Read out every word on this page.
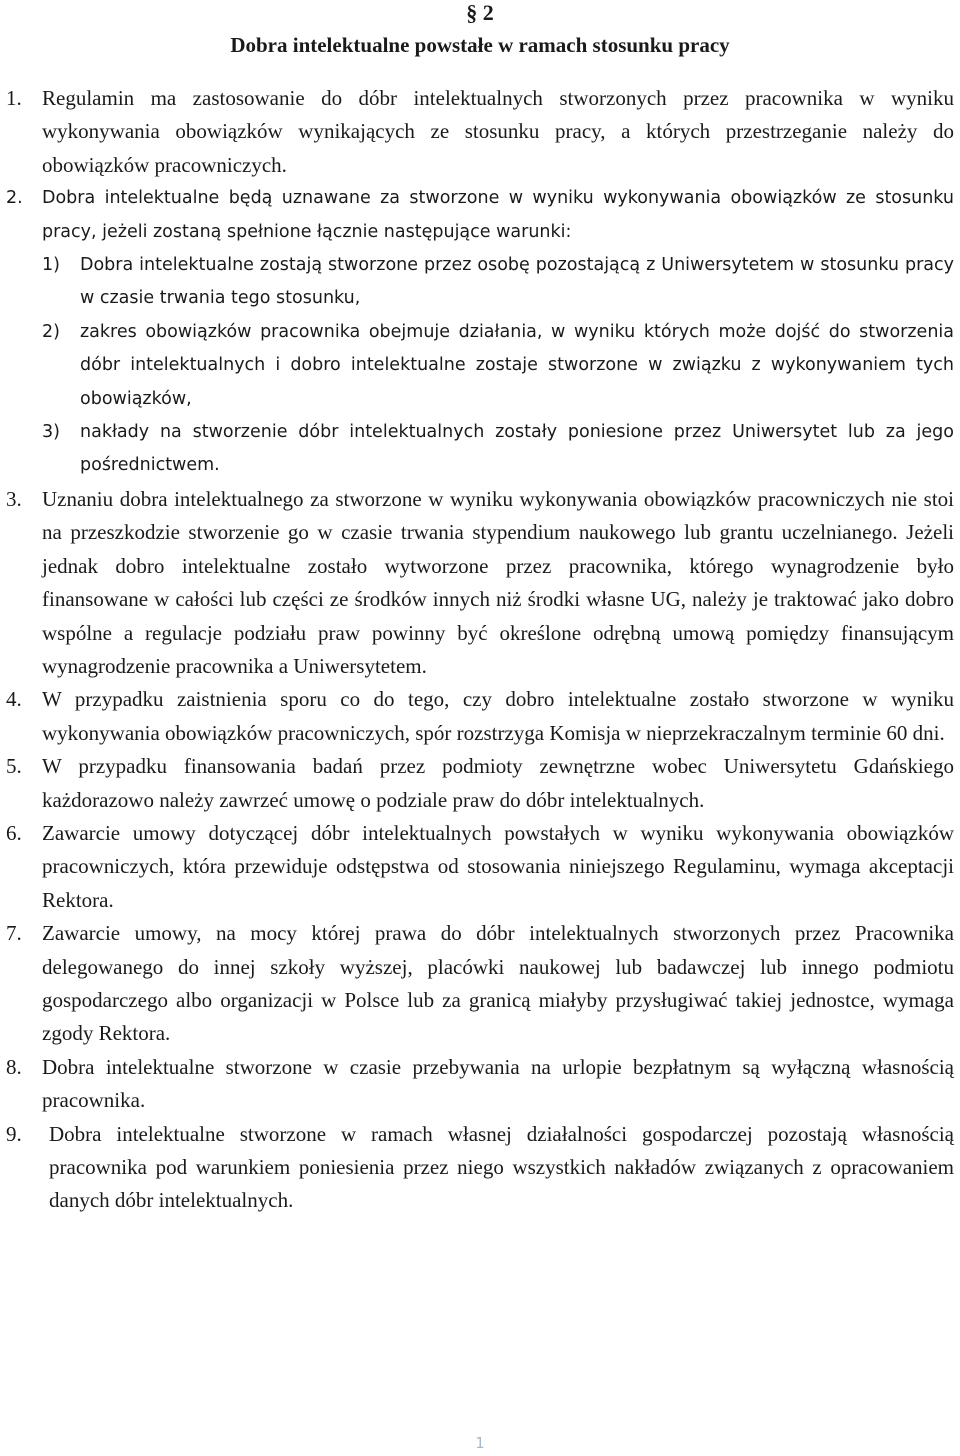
§ 2
Dobra intelektualne powstałe w ramach stosunku pracy
1. Regulamin ma zastosowanie do dóbr intelektualnych stworzonych przez pracownika w wyniku wykonywania obowiązków wynikających ze stosunku pracy, a których przestrzeganie należy do obowiązków pracowniczych.
2. Dobra intelektualne będą uznawane za stworzone w wyniku wykonywania obowiązków ze stosunku pracy, jeżeli zostaną spełnione łącznie następujące warunki:
1) Dobra intelektualne zostają stworzone przez osobę pozostającą z Uniwersytetem w stosunku pracy w czasie trwania tego stosunku,
2) zakres obowiązków pracownika obejmuje działania, w wyniku których może dojść do stworzenia dóbr intelektualnych i dobro intelektualne zostaje stworzone w związku z wykonywaniem tych obowiązków,
3) nakłady na stworzenie dóbr intelektualnych zostały poniesione przez Uniwersytet lub za jego pośrednictwem.
3. Uznaniu dobra intelektualnego za stworzone w wyniku wykonywania obowiązków pracowniczych nie stoi na przeszkodzie stworzenie go w czasie trwania stypendium naukowego lub grantu uczelnianego. Jeżeli jednak dobro intelektualne zostało wytworzone przez pracownika, którego wynagrodzenie było finansowane w całości lub części ze środków innych niż środki własne UG, należy je traktować jako dobro wspólne a regulacje podziału praw powinny być określone odrębną umową pomiędzy finansującym wynagrodzenie pracownika a Uniwersytetem.
4. W przypadku zaistnienia sporu co do tego, czy dobro intelektualne zostało stworzone w wyniku wykonywania obowiązków pracowniczych, spór rozstrzyga Komisja w nieprzekraczalnym terminie 60 dni.
5. W przypadku finansowania badań przez podmioty zewnętrzne wobec Uniwersytetu Gdańskiego każdorazowo należy zawrzeć umowę o podziale praw do dóbr intelektualnych.
6. Zawarcie umowy dotyczącej dóbr intelektualnych powstałych w wyniku wykonywania obowiązków pracowniczych, która przewiduje odstępstwa od stosowania niniejszego Regulaminu, wymaga akceptacji Rektora.
7. Zawarcie umowy, na mocy której prawa do dóbr intelektualnych stworzonych przez Pracownika delegowanego do innej szkoły wyższej, placówki naukowej lub badawczej lub innego podmiotu gospodarczego albo organizacji w Polsce lub za granicą miałyby przysługiwać takiej jednostce, wymaga zgody Rektora.
8. Dobra intelektualne stworzone w czasie przebywania na urlopie bezpłatnym są wyłączną własnością pracownika.
9. Dobra intelektualne stworzone w ramach własnej działalności gospodarczej pozostają własnością pracownika pod warunkiem poniesienia przez niego wszystkich nakładów związanych z opracowaniem danych dóbr intelektualnych.
1
